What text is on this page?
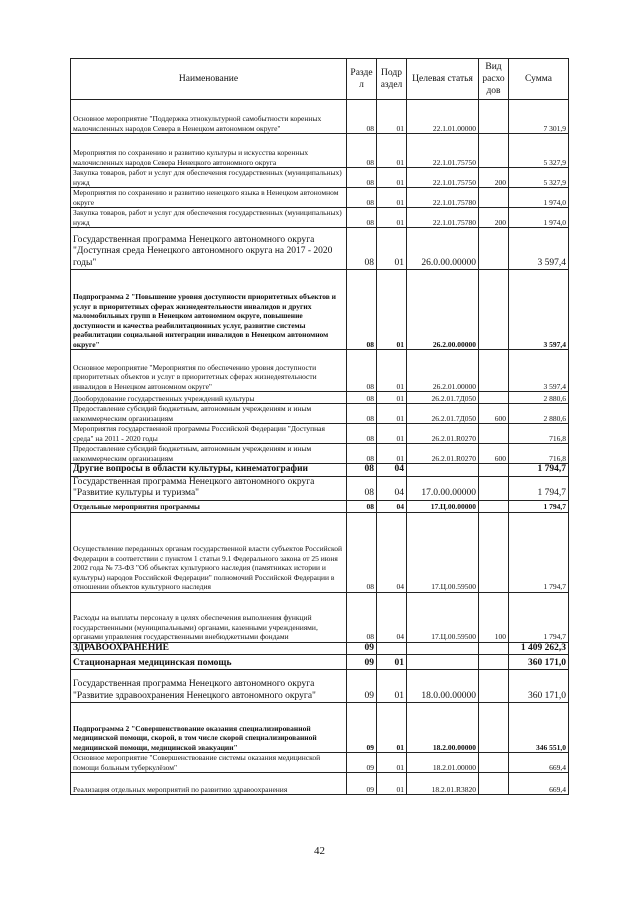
Наименование	Разде л	Подр аздел	Целевая статья	Вид расхо дов	Сумма
Основное мероприятие "Поддержка этнокультурной самобытности коренных малочисленных народов Севера в Ненецком автономном округе"	08	01	22.1.01.00000		7 301,9
Мероприятия по сохранению и развитию культуры и искусства коренных малочисленных народов Севера Ненецкого автономного округа	08	01	22.1.01.75750		5 327,9
Закупка товаров, работ и услуг для обеспечения государственных (муниципальных) нужд	08	01	22.1.01.75750	200	5 327,9
Мероприятия по сохранению и развитию ненецкого языка в Ненецком автономном округе	08	01	22.1.01.75780		1 974,0
Закупка товаров, работ и услуг для обеспечения государственных (муниципальных) нужд	08	01	22.1.01.75780	200	1 974,0
Государственная программа Ненецкого автономного округа "Доступная среда Ненецкого автономного округа на 2017 - 2020 годы"	08	01	26.0.00.00000		3 597,4
Подпрограмма 2 "Повышение уровня доступности приоритетных объектов и услуг в приоритетных сферах жизнедеятельности инвалидов и других маломобильных групп в Ненецком автономном округе, повышение доступности и качества реабилитационных услуг, развитие системы реабилитации социальной интеграции инвалидов в Ненецком автономном округе"	08	01	26.2.00.00000		3 597,4
Основное мероприятие "Мероприятия по обеспечению уровня доступности приоритетных объектов и услуг в приоритетных сферах жизнедеятельности инвалидов в Ненецком автономном округе"	08	01	26.2.01.00000		3 597,4
Дооборудование государственных учреждений культуры	08	01	26.2.01.7Д050		2 880,6
Предоставление субсидий бюджетным, автономным учреждениям и иным некоммерческим организациям	08	01	26.2.01.7Д050	600	2 880,6
Мероприятия государственной программы Российской Федерации "Доступная среда" на 2011 - 2020 годы	08	01	26.2.01.R0270		716,8
Предоставление субсидий бюджетным, автономным учреждениям и иным некоммерческим организациям	08	01	26.2.01.R0270	600	716,8
Другие вопросы в области культуры, кинематографии	08	04			1 794,7
Государственная программа Ненецкого автономного округа "Развитие культуры и туризма"	08	04	17.0.00.00000		1 794,7
Отдельные мероприятия программы	08	04	17.Ц.00.00000		1 794,7
Осуществление переданных органам государственной власти субъектов Российской Федерации в соответствии с пунктом 1 статьи 9.1 Федерального закона от 25 июня 2002 года № 73-ФЗ "Об объектах культурного наследия (памятниках истории и культуры) народов Российской Федерации" полномочий Российской Федерации в отношении объектов культурного наследия	08	04	17.Ц.00.59500		1 794,7
Расходы на выплаты персоналу в целях обеспечения выполнения функций государственными (муниципальными) органами, казенными учреждениями, органами управления государственными внебюджетными фондами	08	04	17.Ц.00.59500	100	1 794,7
ЗДРАВООХРАНЕНИЕ	09				1 409 262,3
Стационарная медицинская помощь	09	01			360 171,0
Государственная программа Ненецкого автономного округа "Развитие здравоохранения Ненецкого автономного округа"	09	01	18.0.00.00000		360 171,0
Подпрограмма 2 "Совершенствование оказания специализированной медицинской помощи, скорой, в том числе скорой специализированной медицинской помощи, медицинской эвакуации"	09	01	18.2.00.00000		346 551,0
Основное мероприятие "Совершенствование системы оказания медицинской помощи больным туберкулёзом"	09	01	18.2.01.00000		669,4
Реализация отдельных мероприятий по развитию здравоохранения	09	01	18.2.01.R3820		669,4
42
